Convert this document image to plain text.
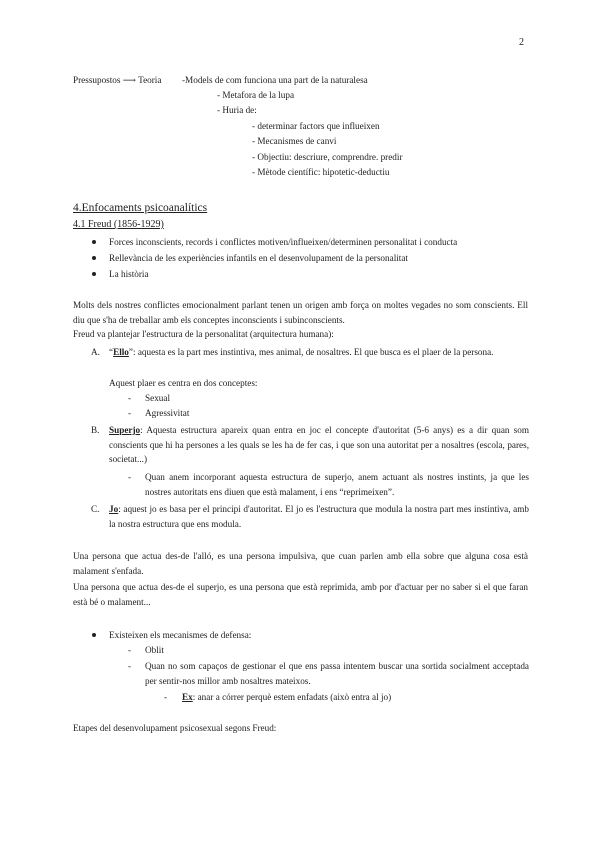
2
Pressupostos ⟶ Teoria -Models de com funciona una part de la naturalesa
- Metafora de la lupa
- Huria de:
- determinar factors que influeixen
- Mecanismes de canvi
- Objectiu: descriure, comprendre. predir
- Mètode científic: hipotetic-deductiu
4.Enfocaments psicoanalítics
4.1 Freud (1856-1929)
Forces inconscients, records i conflictes motiven/influeixen/determinen personalitat i conducta
Rellevància de les experiències infantils en el desenvolupament de la personalitat
La història
Molts dels nostres conflictes emocionalment parlant tenen un origen amb força on moltes vegades no som conscients. Ell diu que s'ha de treballar amb els conceptes inconscients i subinconscients.
Freud va plantejar l'estructura de la personalitat (arquitectura humana):
A. “Ello”: aquesta es la part mes instintiva, mes animal, de nosaltres. El que busca es el plaer de la persona.
Aquest plaer es centra en dos conceptes:
- Sexual
- Agressivitat
B. Superjo: Aquesta estructura apareix quan entra en joc el concepte d'autoritat (5-6 anys) es a dir quan som conscients que hi ha persones a les quals se les ha de fer cas, i que son una autoritat per a nosaltres (escola, pares, societat...)
- Quan anem incorporant aquesta estructura de superjo, anem actuant als nostres instints, ja que les nostres autoritats ens diuen que està malament, i ens “reprimeixen”.
C. Jo: aquest jo es basa per el principi d'autoritat. El jo es l'estructura que modula la nostra part mes instintiva, amb la nostra estructura que ens modula.
Una persona que actua des-de l'alló, es una persona impulsiva, que cuan parlen amb ella sobre que alguna cosa està malament s'enfada.
Una persona que actua des-de el superjo, es una persona que està reprimida, amb por d'actuar per no saber si el que faran està bé o malament...
Existeixen els mecanismes de defensa:
- Oblit
- Quan no som capaços de gestionar el que ens passa intentem buscar una sortida socialment acceptada per sentir-nos millor amb nosaltres mateixos.
- Ex: anar a córrer perquè estem enfadats (això entra al jo)
Etapes del desenvolupament psicosexual segons Freud:
